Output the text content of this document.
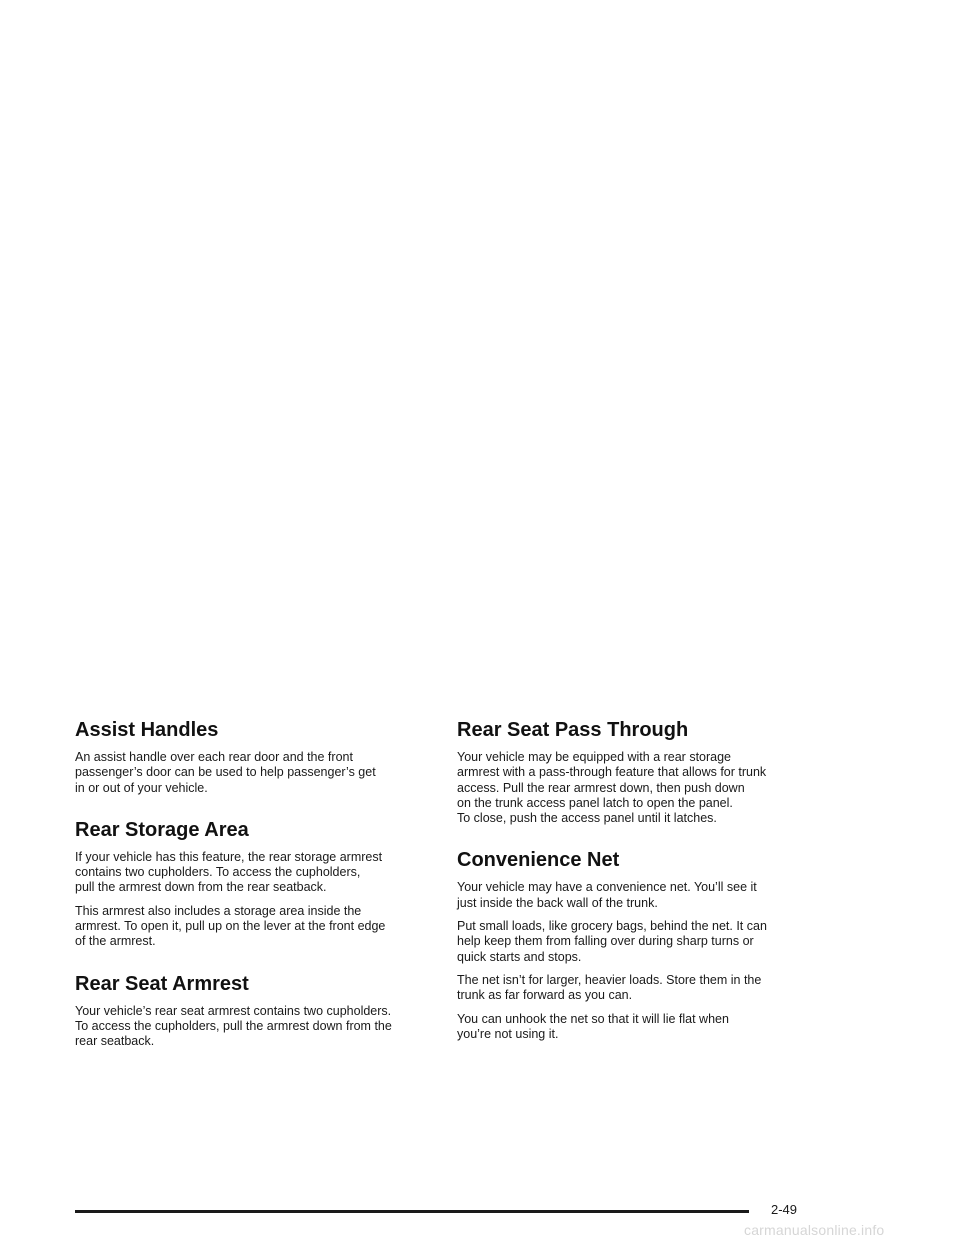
Assist Handles

An assist handle over each rear door and the front
passenger’s door can be used to help passenger’s get
in or out of your vehicle.

Rear Storage Area

If your vehicle has this feature, the rear storage armrest
contains two cupholders. To access the cupholders,
pull the armrest down from the rear seatback.

This armrest also includes a storage area inside the
armrest. To open it, pull up on the lever at the front edge
of the armrest.

Rear Seat Armrest

Your vehicle’s rear seat armrest contains two cupholders.
To access the cupholders, pull the armrest down from the
rear seatback.

Rear Seat Pass Through

Your vehicle may be equipped with a rear storage
armrest with a pass-through feature that allows for trunk
access. Pull the rear armrest down, then push down
on the trunk access panel latch to open the panel.
To close, push the access panel until it latches.

Convenience Net

Your vehicle may have a convenience net. You’ll see it
just inside the back wall of the trunk.

Put small loads, like grocery bags, behind the net. It can
help keep them from falling over during sharp turns or
quick starts and stops.

The net isn’t for larger, heavier loads. Store them in the
trunk as far forward as you can.

You can unhook the net so that it will lie flat when
you’re not using it.

2-49
carmanualsonline.info
